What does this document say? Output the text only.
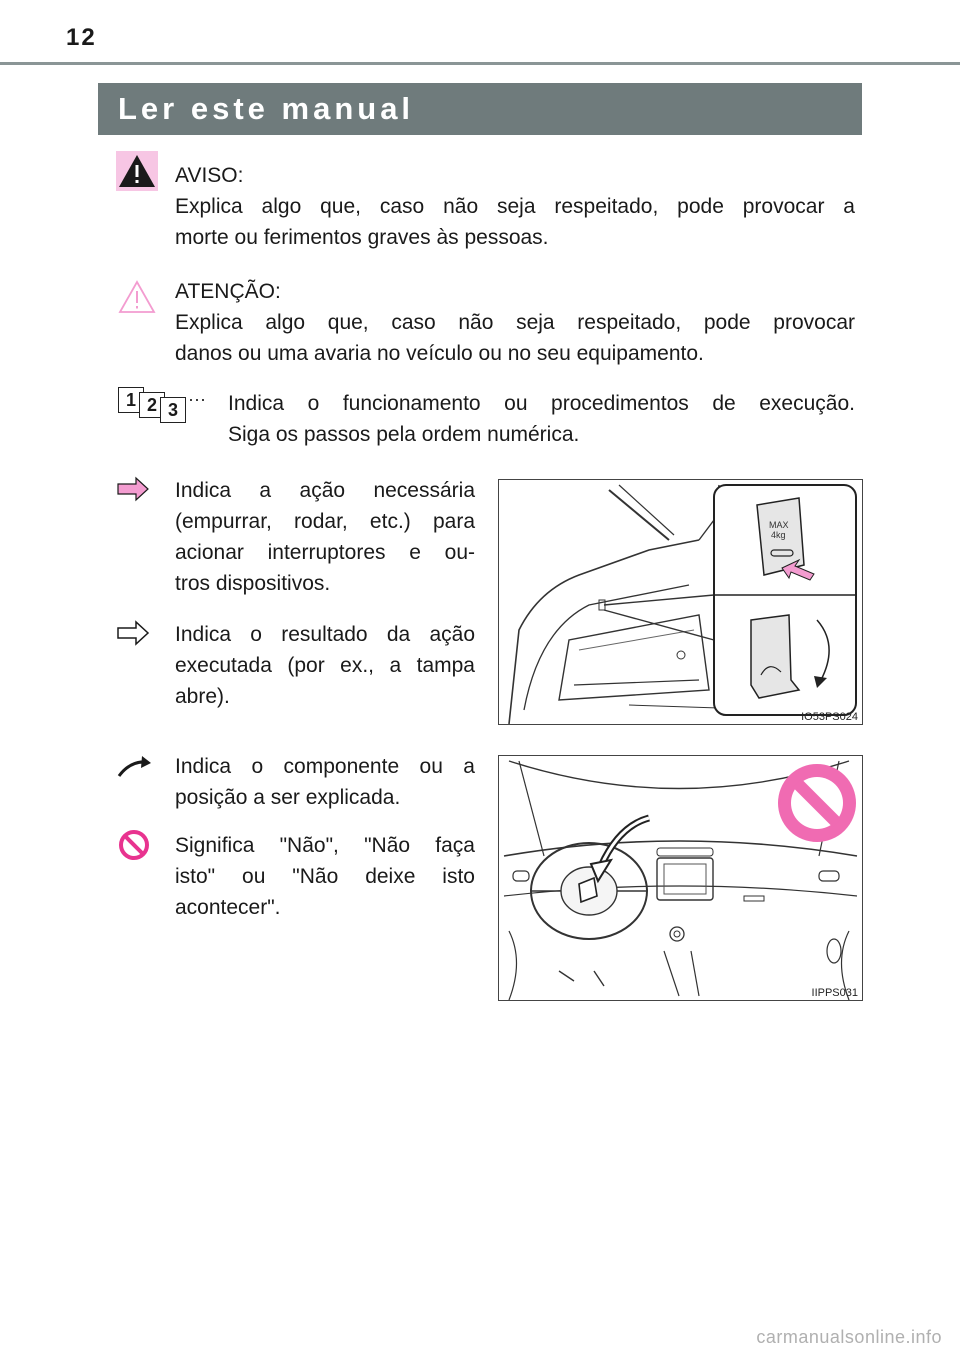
12
Ler este manual
AVISO:
Explica algo que, caso não seja respeitado, pode provocar a
morte ou ferimentos graves às pessoas.
ATENÇÃO:
Explica algo que, caso não seja respeitado, pode provocar
danos ou uma avaria no veículo ou no seu equipamento.
1 2 3
··· Indica o funcionamento ou procedimentos de execução.
Siga os passos pela ordem numérica.
Indica a ação necessária
(empurrar, rodar, etc.) para
acionar interruptores e ou-
tros dispositivos.
Indica o resultado da ação
executada (por ex., a tampa
abre).
Indica o componente ou a
posição a ser explicada.
Significa "Não", "Não faça
isto" ou "Não deixe isto
acontecer".
MAX
4kg
IO53PS024
IIPPS031
carmanualsonline.info
